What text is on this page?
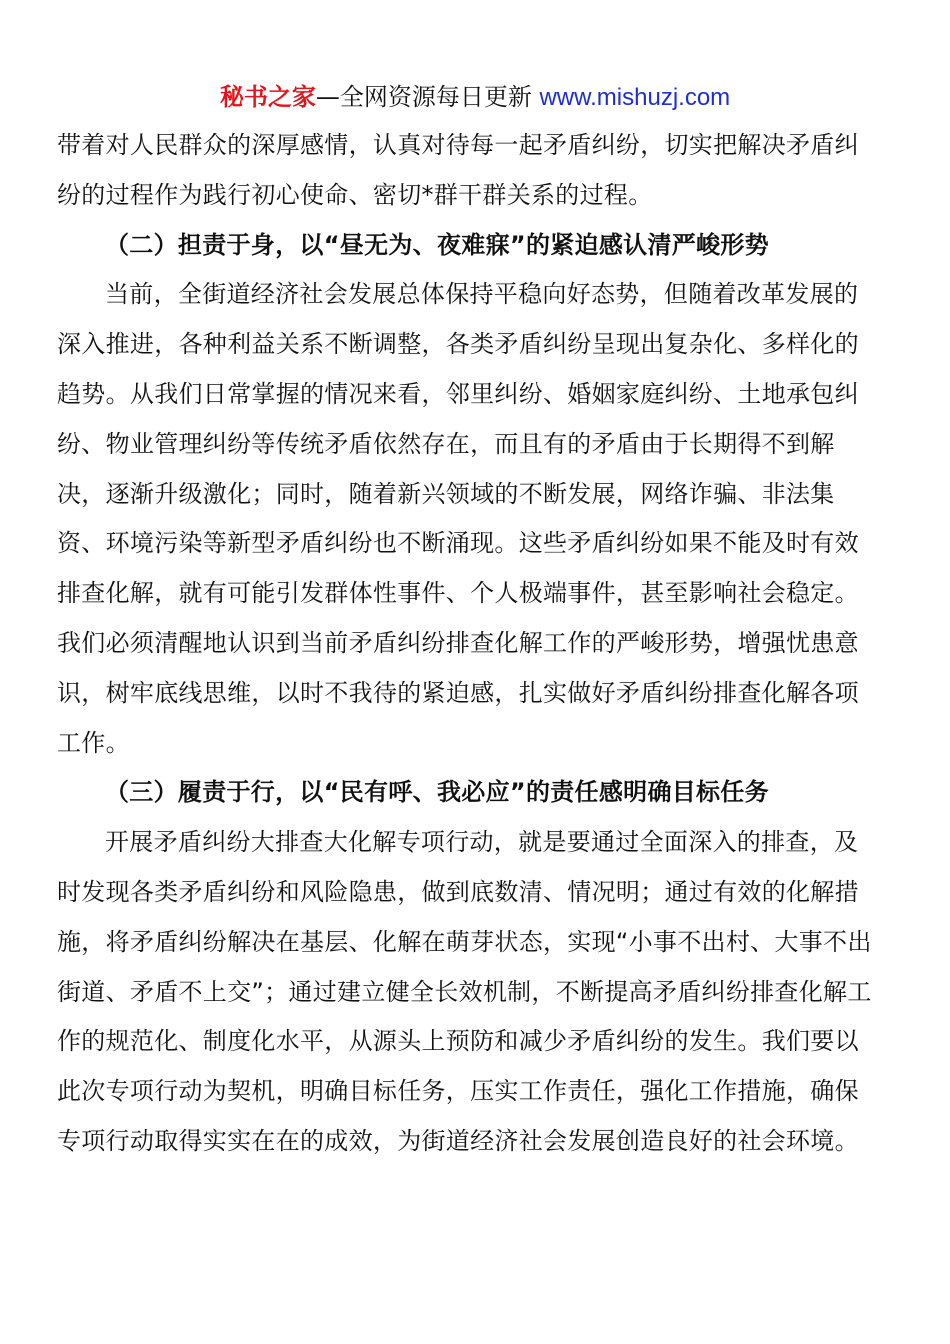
秘书之家—全网资源每日更新 www.mishuzj.com

带着对人民群众的深厚感情，认真对待每一起矛盾纠纷，切实把解决矛盾纠纷的过程作为践行初心使命、密切*群干群关系的过程。

（二）担责于身，以“昼无为、夜难寐”的紧迫感认清严峻形势

当前，全街道经济社会发展总体保持平稳向好态势，但随着改革发展的深入推进，各种利益关系不断调整，各类矛盾纠纷呈现出复杂化、多样化的趋势。从我们日常掌握的情况来看，邻里纠纷、婚姻家庭纠纷、土地承包纠纷、物业管理纠纷等传统矛盾依然存在，而且有的矛盾由于长期得不到解决，逐渐升级激化；同时，随着新兴领域的不断发展，网络诈骗、非法集资、环境污染等新型矛盾纠纷也不断涌现。这些矛盾纠纷如果不能及时有效排查化解，就有可能引发群体性事件、个人极端事件，甚至影响社会稳定。我们必须清醒地认识到当前矛盾纠纷排查化解工作的严峻形势，增强忧患意识，树牢底线思维，以时不我待的紧迫感，扎实做好矛盾纠纷排查化解各项工作。

（三）履责于行，以“民有呼、我必应”的责任感明确目标任务

开展矛盾纠纷大排查大化解专项行动，就是要通过全面深入的排查，及时发现各类矛盾纠纷和风险隐患，做到底数清、情况明；通过有效的化解措施，将矛盾纠纷解决在基层、化解在萌芽状态，实现“小事不出村、大事不出街道、矛盾不上交”；通过建立健全长效机制，不断提高矛盾纠纷排查化解工作的规范化、制度化水平，从源头上预防和减少矛盾纠纷的发生。我们要以此次专项行动为契机，明确目标任务，压实工作责任，强化工作措施，确保专项行动取得实实在在的成效，为街道经济社会发展创造良好的社会环境。
